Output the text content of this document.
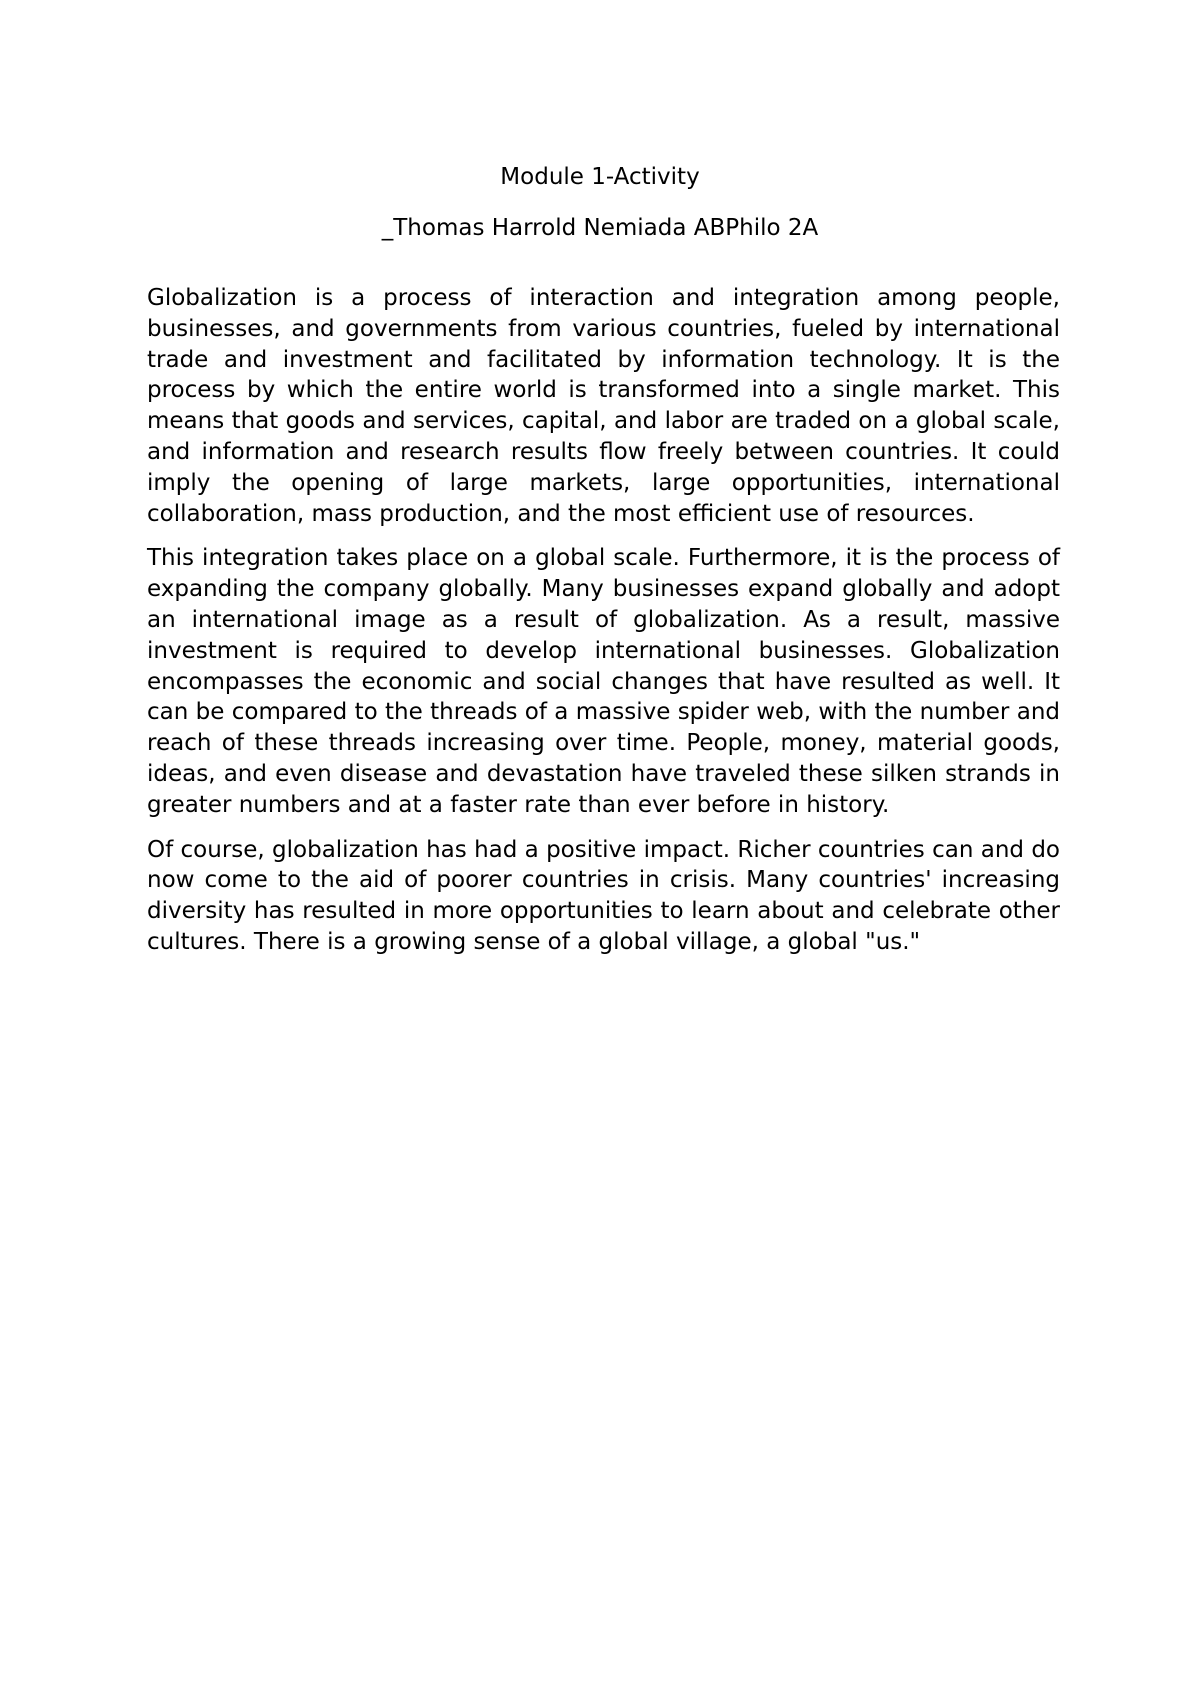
Module 1-Activity
_Thomas Harrold Nemiada ABPhilo 2A

Globalization is a process of interaction and integration among people, businesses, and governments from various countries, fueled by international trade and investment and facilitated by information technology. It is the process by which the entire world is transformed into a single market. This means that goods and services, capital, and labor are traded on a global scale, and information and research results flow freely between countries. It could imply the opening of large markets, large opportunities, international collaboration, mass production, and the most efficient use of resources.

This integration takes place on a global scale. Furthermore, it is the process of expanding the company globally. Many businesses expand globally and adopt an international image as a result of globalization. As a result, massive investment is required to develop international businesses. Globalization encompasses the economic and social changes that have resulted as well. It can be compared to the threads of a massive spider web, with the number and reach of these threads increasing over time. People, money, material goods, ideas, and even disease and devastation have traveled these silken strands in greater numbers and at a faster rate than ever before in history.

Of course, globalization has had a positive impact. Richer countries can and do now come to the aid of poorer countries in crisis. Many countries' increasing diversity has resulted in more opportunities to learn about and celebrate other cultures. There is a growing sense of a global village, a global "us."
